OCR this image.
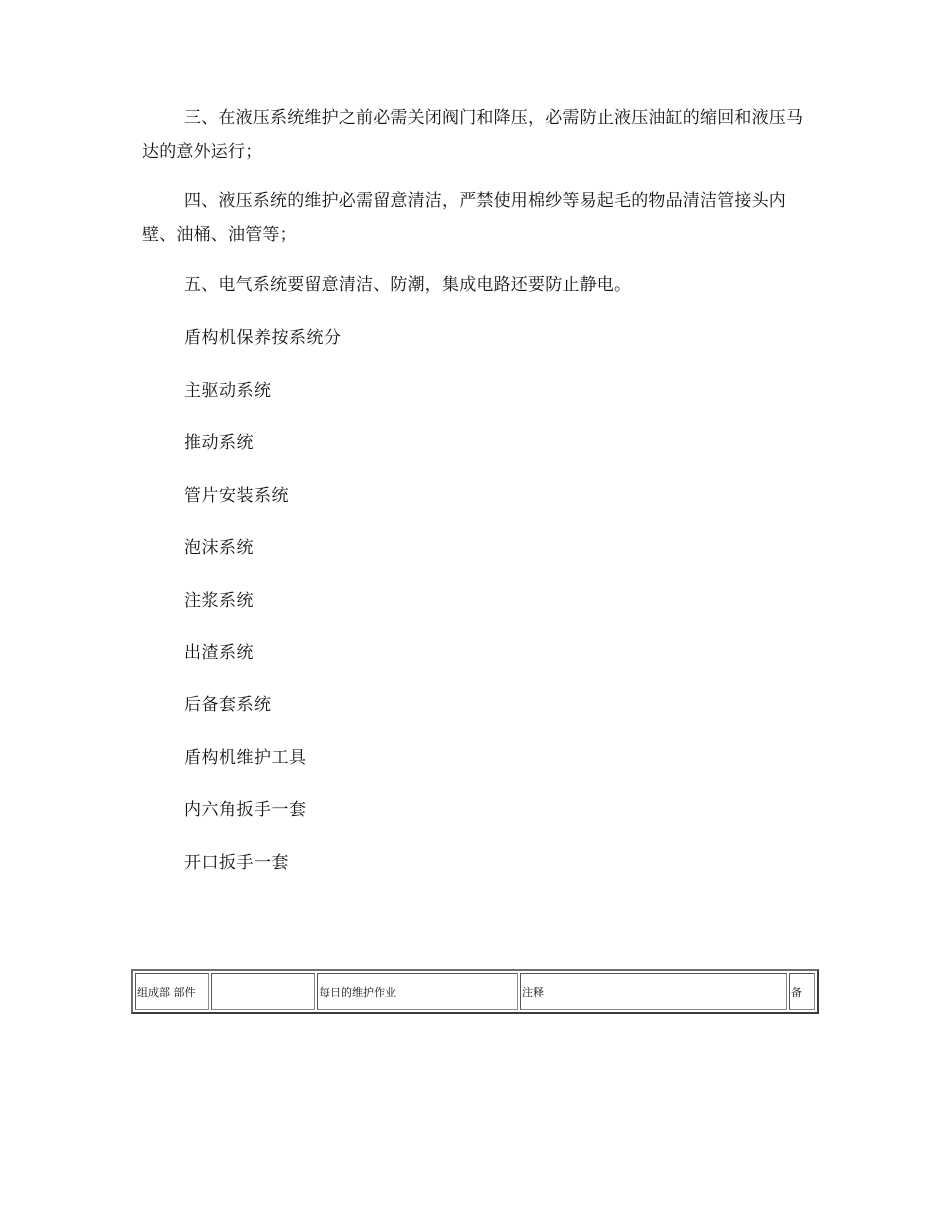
三、在液压系统维护之前必需关闭阀门和降压，必需防止液压油缸的缩回和液压马达的意外运行；

四、液压系统的维护必需留意清洁，严禁使用棉纱等易起毛的物品清洁管接头内壁、油桶、油管等；

五、电气系统要留意清洁、防潮，集成电路还要防止静电。

盾构机保养按系统分

主驱动系统

推动系统

管片安装系统

泡沫系统

注浆系统

出渣系统

后备套系统

盾构机维护工具

内六角扳手一套

开口扳手一套

组成部 部件		每日的维护作业	注释	备
